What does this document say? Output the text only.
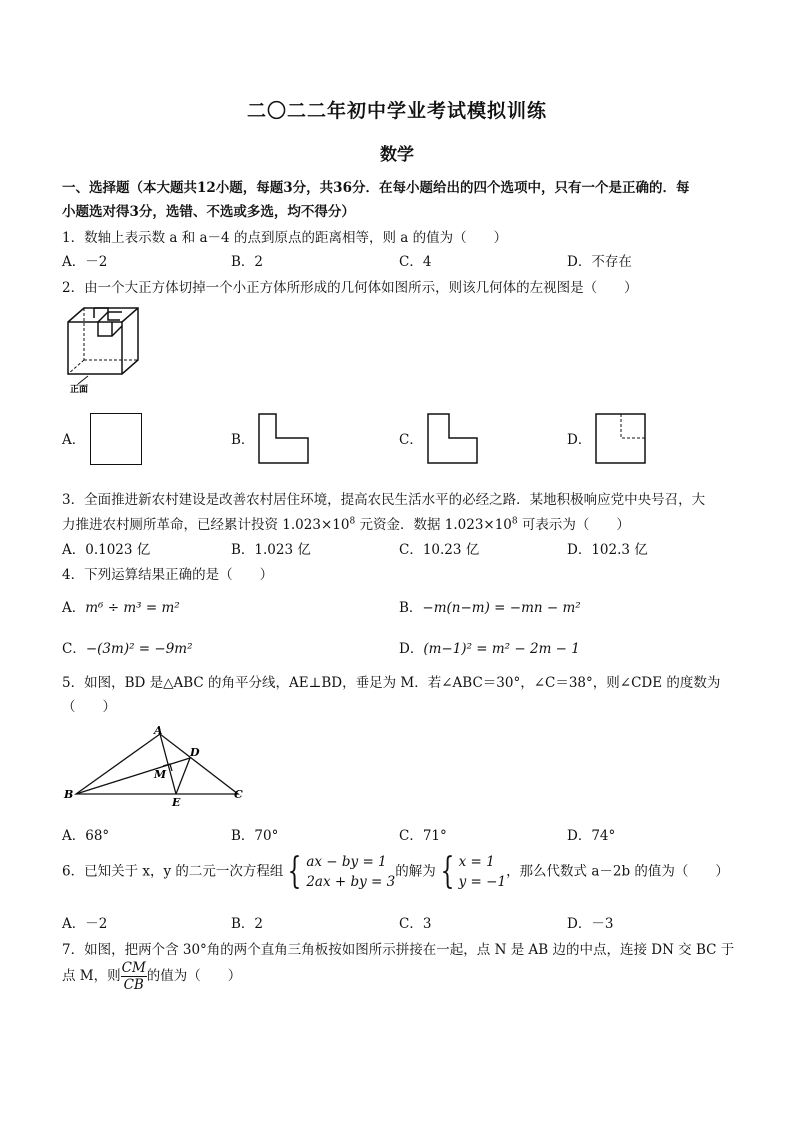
二〇二二年初中学业考试模拟训练
数学
一、选择题（本大题共12小题，每题3分，共36分．在每小题给出的四个选项中，只有一个是正确的．每
小题选对得3分，选错、不选或多选，均不得分）
1．数轴上表示数 a 和 a－4 的点到原点的距离相等，则 a 的值为（　　）
A．－2	B．2	C．4	D．不存在
2．由一个大正方体切掉一个小正方体所形成的几何体如图所示，则该几何体的左视图是（　　）
正面
A．	B．	C．	D．
3．全面推进新农村建设是改善农村居住环境，提高农民生活水平的必经之路．某地积极响应党中央号召，大
力推进农村厕所革命，已经累计投资 $1.023\times 10^8$ 元资金．数据 $1.023\times 10^8$ 可表示为（　　）
A．0.1023 亿	B．1.023 亿	C．10.23 亿	D．102.3 亿
4．下列运算结果正确的是（　　）
A．m⁶ ÷ m³ = m²	B．−m(n−m) = −mn − m²
C．−(3m)² = −9m²	D．(m−1)² = m² − 2m − 1
5．如图，BD 是△ABC 的角平分线，AE⊥BD，垂足为 M．若∠ABC＝30°，∠C＝38°，则∠CDE 的度数为
（　　）
A
B	C
D
E
M
A．68°	B．70°	C．71°	D．74°
6．已知关于 x，y 的二元一次方程组 { ax − by = 1
2ax + by = 3
的解为 { x = 1
y = −1
，那么代数式 a－2b 的值为（　　）
A．－2	B．2	C．3	D．－3
7．如图，把两个含 30°角的两个直角三角板按如图所示拼接在一起，点 N 是 AB 边的中点，连接 DN 交 BC 于
点 M，则 $\frac{CM}{CB}$ 的值为（　　）
